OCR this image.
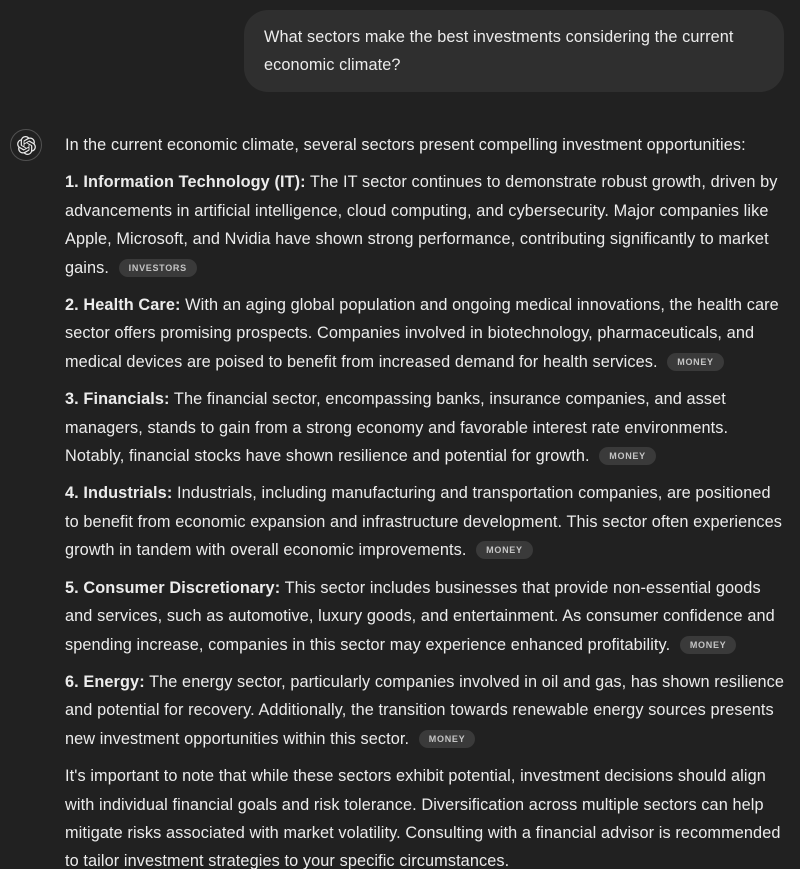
What sectors make the best investments considering the current economic climate?

In the current economic climate, several sectors present compelling investment opportunities:

1. Information Technology (IT): The IT sector continues to demonstrate robust growth, driven by advancements in artificial intelligence, cloud computing, and cybersecurity. Major companies like Apple, Microsoft, and Nvidia have shown strong performance, contributing significantly to market gains. INVESTORS

2. Health Care: With an aging global population and ongoing medical innovations, the health care sector offers promising prospects. Companies involved in biotechnology, pharmaceuticals, and medical devices are poised to benefit from increased demand for health services. MONEY

3. Financials: The financial sector, encompassing banks, insurance companies, and asset managers, stands to gain from a strong economy and favorable interest rate environments. Notably, financial stocks have shown resilience and potential for growth. MONEY

4. Industrials: Industrials, including manufacturing and transportation companies, are positioned to benefit from economic expansion and infrastructure development. This sector often experiences growth in tandem with overall economic improvements. MONEY

5. Consumer Discretionary: This sector includes businesses that provide non-essential goods and services, such as automotive, luxury goods, and entertainment. As consumer confidence and spending increase, companies in this sector may experience enhanced profitability. MONEY

6. Energy: The energy sector, particularly companies involved in oil and gas, has shown resilience and potential for recovery. Additionally, the transition towards renewable energy sources presents new investment opportunities within this sector. MONEY

It's important to note that while these sectors exhibit potential, investment decisions should align with individual financial goals and risk tolerance. Diversification across multiple sectors can help mitigate risks associated with market volatility. Consulting with a financial advisor is recommended to tailor investment strategies to your specific circumstances.
